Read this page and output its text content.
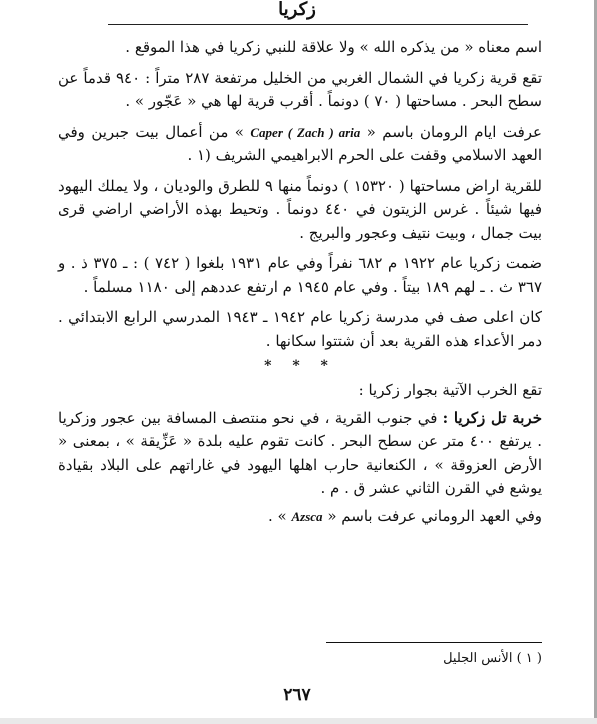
زكريا

اسم معناه « من يذكره الله » ولا علاقة للنبي زكريا في هذا الموقع .

تقع قرية زكريا في الشمال الغربي من الخليل مرتفعة ٢٨٧ متراً : ٩٤٠ قدماً عن سطح البحر . مساحتها ( ٧٠ ) دونماً . أقرب قرية لها هي « عَجّور » .

عرفت ايام الرومان باسم « Caper ( Zach ) aria » من أعمال بيت جبرين وفي العهد الاسلامي وقفت على الحرم الابراهيمي الشريف (١ .

للقرية اراض مساحتها ( ١٥٣٢٠ ) دونماً منها ٩ للطرق والوديان ، ولا يملك اليهود فيها شيئاً . غرس الزيتون في ٤٤٠ دونماً . وتحيط بهذه الأراضي اراضي قرى بيت جمال ، وبيت نتيف وعجور والبريج .

ضمت زكريا عام ١٩٢٢ م ٦٨٢ نفراً وفي عام ١٩٣١ بلغوا ( ٧٤٢ ) : ـ ٣٧٥ ذ . و ٣٦٧ ث . ـ لهم ١٨٩ بيتاً . وفي عام ١٩٤٥ م ارتفع عددهم إلى ١١٨٠ مسلماً .

كان اعلى صف في مدرسة زكريا عام ١٩٤٢ ـ ١٩٤٣ المدرسي الرابع الابتدائي . دمر الأعداء هذه القرية بعد أن شتتوا سكانها .

* * *

تقع الخرب الآتية بجوار زكريا :

خربة تل زكريا : في جنوب القرية ، في نحو منتصف المسافة بين عجور وزكريا . يرتفع ٤٠٠ متر عن سطح البحر . كانت تقوم عليه بلدة « عَزِّيقة » ، بمعنى « الأرض العزوقة » ، الكنعانية حارب اهلها اليهود في غاراتهم على البلاد بقيادة يوشع في القرن الثاني عشر ق . م .

وفي العهد الروماني عرفت باسم « Azsca » .

( ١ ) الأنس الجليل
٢٦٧
